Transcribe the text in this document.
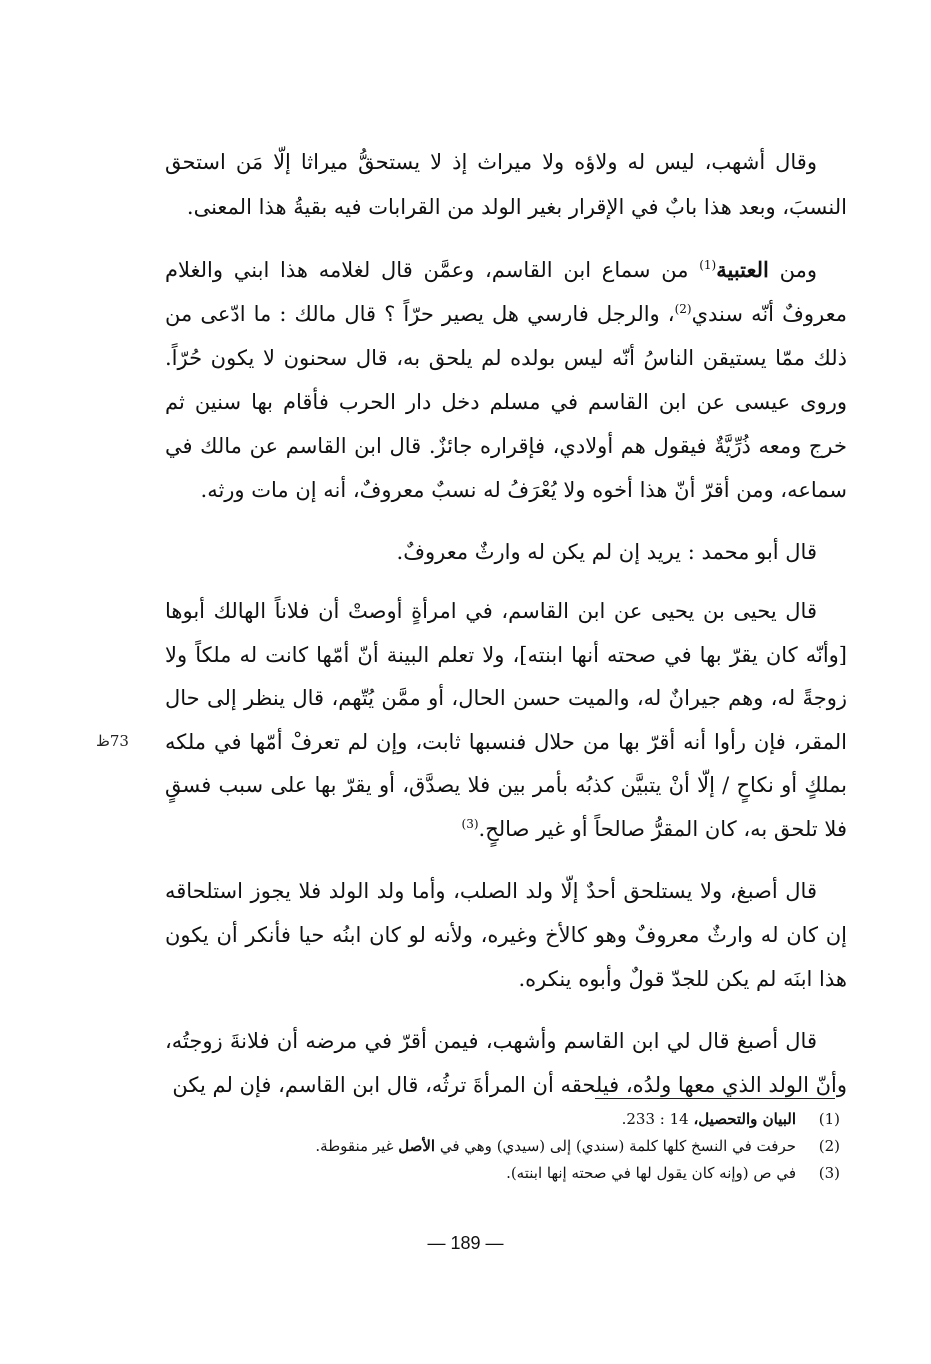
وقال أشهب، ليس له ولاؤه ولا ميراث إذ لا يستحقُّ ميراثا إلّا مَن استحق النسبَ، وبعد هذا بابٌ في الإقرار بغير الولد من القرابات فيه بقيةُ هذا المعنى.

ومن العتبية$^{(1)}$ من سماع ابن القاسم، وعمَّن قال لغلامه هذا ابني والغلام معروفٌ أنّه سندي$^{(2)}$، والرجل فارسي هل يصير حرّاً ؟ قال مالك : ما ادّعى من ذلك ممّا يستيقن الناسُ أنّه ليس بولده لم يلحق به، قال سحنون لا يكون حُرّاً. وروى عيسى عن ابن القاسم في مسلم دخل دار الحرب فأقام بها سنين ثم خرج ومعه ذُرِّيَّةٌ فيقول هم أولادي، فإقراره جائزٌ. قال ابن القاسم عن مالك في سماعه، ومن أقرّ أنّ هذا أخوه ولا يُعْرَفُ له نسبٌ معروفٌ، أنه إن مات ورثه.

قال أبو محمد : يريد إن لم يكن له وارثٌ معروفٌ.

قال يحيى بن يحيى عن ابن القاسم، في امرأةٍ أوصتْ أن فلاناً الهالك أبوها [وأنّه كان يقرّ بها في صحته أنها ابنته]، ولا تعلم البينة أنّ أمّها كانت له ملكاً ولا زوجةً له، وهم جيرانٌ له، والميت حسن الحال، أو ممَّن يُتّهم، قال ينظر إلى حال المقر، فإن رأوا أنه أقرّ بها من حلال فنسبها ثابت، وإن لم تعرفْ أمّها في ملكه بملكٍ أو نكاحٍ / إلّا أنْ يتبيَّن كذبُه بأمر بين فلا يصدَّق، أو يقرّ بها على سبب فسقٍ فلا تلحق به، كان المقرُّ صالحاً أو غير صالحٍ.$^{(3)}$

قال أصبغ، ولا يستلحق أحدٌ إلّا ولد الصلب، وأما ولد الولد فلا يجوز استلحاقه إن كان له وارثٌ معروفٌ وهو كالأخ وغيره، ولأنه لو كان ابنُه حيا فأنكر أن يكون هذا ابنَه لم يكن للجدّ قولٌ وأبوه ينكره.

قال أصبغ قال لي ابن القاسم وأشهب، فيمن أقرّ في مرضه أن فلانةَ زوجتُه، وأنّ الولد الذي معها ولدُه، فيلحقه أن المرأةَ ترثُه، قال ابن القاسم، فإن لم يكن

73ظ
(1)
البيان والتحصيل، 14 : 233.
(2)
حرفت في النسخ كلها كلمة (سندي) إلى (سيدي) وهي في الأصل غير منقوطة.
(3)
في ص (وإنه كان يقول لها في صحته إنها ابنته).
— 189 —
